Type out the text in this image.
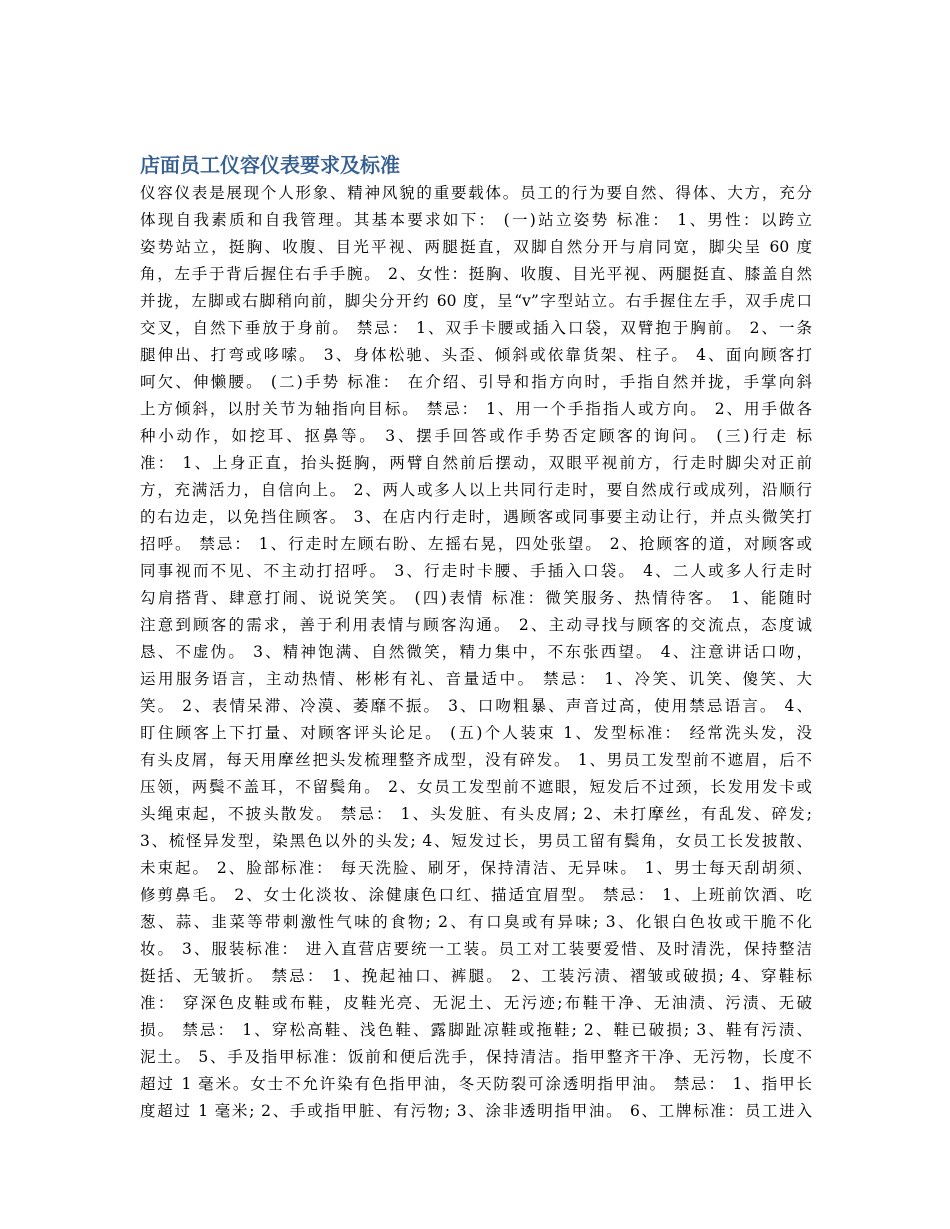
店面员工仪容仪表要求及标准
仪容仪表是展现个人形象、精神风貌的重要载体。员工的行为要自然、得体、大方，充分
体现自我素质和自我管理。其基本要求如下： (一)站立姿势 标准： 1、男性：以跨立
姿势站立，挺胸、收腹、目光平视、两腿挺直，双脚自然分开与肩同宽，脚尖呈 60 度
角，左手于背后握住右手手腕。 2、女性：挺胸、收腹、目光平视、两腿挺直、膝盖自然
并拢，左脚或右脚稍向前，脚尖分开约 60 度，呈“v”字型站立。右手握住左手，双手虎口
交叉，自然下垂放于身前。 禁忌： 1、双手卡腰或插入口袋，双臂抱于胸前。 2、一条
腿伸出、打弯或哆嗦。 3、身体松驰、头歪、倾斜或依靠货架、柱子。 4、面向顾客打
呵欠、伸懒腰。 (二)手势 标准： 在介绍、引导和指方向时，手指自然并拢，手掌向斜
上方倾斜，以肘关节为轴指向目标。 禁忌： 1、用一个手指指人或方向。 2、用手做各
种小动作，如挖耳、抠鼻等。 3、摆手回答或作手势否定顾客的询问。 (三)行走 标
准： 1、上身正直，抬头挺胸，两臂自然前后摆动，双眼平视前方，行走时脚尖对正前
方，充满活力，自信向上。 2、两人或多人以上共同行走时，要自然成行或成列，沿顺行
的右边走，以免挡住顾客。 3、在店内行走时，遇顾客或同事要主动让行，并点头微笑打
招呼。 禁忌： 1、行走时左顾右盼、左摇右晃，四处张望。 2、抢顾客的道，对顾客或
同事视而不见、不主动打招呼。 3、行走时卡腰、手插入口袋。 4、二人或多人行走时
勾肩搭背、肆意打闹、说说笑笑。 (四)表情 标准：微笑服务、热情待客。 1、能随时
注意到顾客的需求，善于利用表情与顾客沟通。 2、主动寻找与顾客的交流点，态度诚
恳、不虚伪。 3、精神饱满、自然微笑，精力集中，不东张西望。 4、注意讲话口吻，
运用服务语言，主动热情、彬彬有礼、音量适中。 禁忌： 1、冷笑、讥笑、傻笑、大
笑。 2、表情呆滞、冷漠、萎靡不振。 3、口吻粗暴、声音过高，使用禁忌语言。 4、
盯住顾客上下打量、对顾客评头论足。 (五)个人装束 1、发型标准： 经常洗头发，没
有头皮屑，每天用摩丝把头发梳理整齐成型，没有碎发。 1、男员工发型前不遮眉，后不
压领，两鬓不盖耳，不留鬓角。 2、女员工发型前不遮眼，短发后不过颈，长发用发卡或
头绳束起，不披头散发。 禁忌： 1、头发脏、有头皮屑; 2、未打摩丝，有乱发、碎发;
3、梳怪异发型，染黑色以外的头发; 4、短发过长，男员工留有鬓角，女员工长发披散、
未束起。 2、脸部标准： 每天洗脸、刷牙，保持清洁、无异味。 1、男士每天刮胡须、
修剪鼻毛。 2、女士化淡妆、涂健康色口红、描适宜眉型。 禁忌： 1、上班前饮酒、吃
葱、蒜、韭菜等带刺激性气味的食物; 2、有口臭或有异味; 3、化银白色妆或干脆不化
妆。 3、服装标准： 进入直营店要统一工装。员工对工装要爱惜、及时清洗，保持整洁
挺括、无皱折。 禁忌： 1、挽起袖口、裤腿。 2、工装污渍、褶皱或破损; 4、穿鞋标
准： 穿深色皮鞋或布鞋，皮鞋光亮、无泥土、无污迹;布鞋干净、无油渍、污渍、无破
损。 禁忌： 1、穿松高鞋、浅色鞋、露脚趾凉鞋或拖鞋; 2、鞋已破损; 3、鞋有污渍、
泥土。 5、手及指甲标准：饭前和便后洗手，保持清洁。指甲整齐干净、无污物，长度不
超过 1 毫米。女士不允许染有色指甲油，冬天防裂可涂透明指甲油。 禁忌： 1、指甲长
度超过 1 毫米; 2、手或指甲脏、有污物; 3、涂非透明指甲油。 6、工牌标准：员工进入
